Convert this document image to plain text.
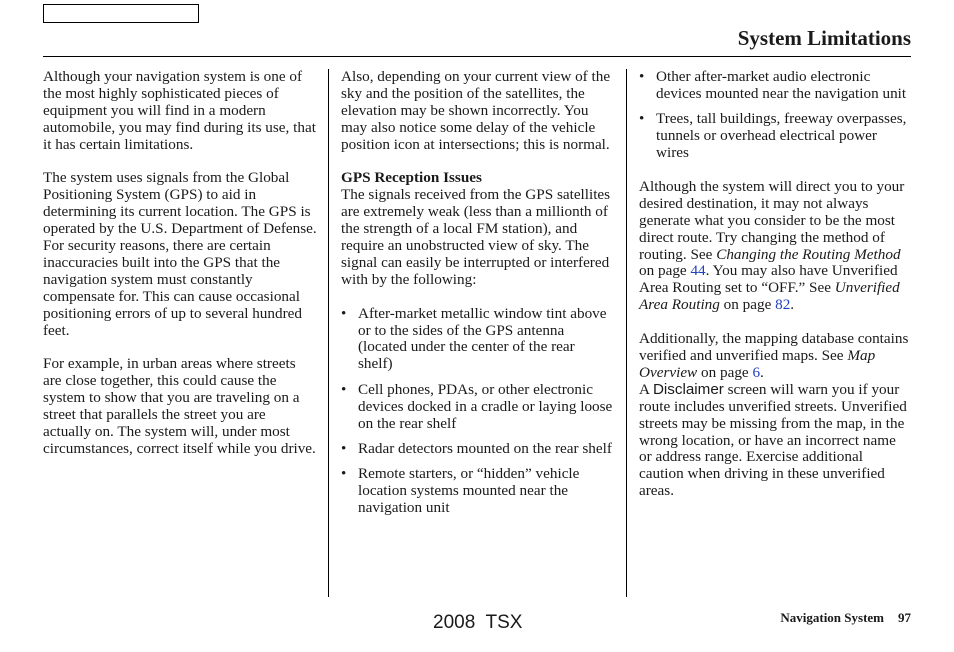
System Limitations

Although your navigation system is one of the most highly sophisticated pieces of equipment you will find in a modern automobile, you may find during its use, that it has certain limitations.

The system uses signals from the Global Positioning System (GPS) to aid in determining its current location. The GPS is operated by the U.S. Department of Defense. For security reasons, there are certain inaccuracies built into the GPS that the navigation system must constantly compensate for. This can cause occasional positioning errors of up to several hundred feet.

For example, in urban areas where streets are close together, this could cause the system to show that you are traveling on a street that parallels the street you are actually on. The system will, under most circumstances, correct itself while you drive.

Also, depending on your current view of the sky and the position of the satellites, the elevation may be shown incorrectly. You may also notice some delay of the vehicle position icon at intersections; this is normal.

GPS Reception Issues

The signals received from the GPS satellites are extremely weak (less than a millionth of the strength of a local FM station), and require an unobstructed view of sky. The signal can easily be interrupted or interfered with by the following:

• After-market metallic window tint above or to the sides of the GPS antenna (located under the center of the rear shelf)
• Cell phones, PDAs, or other electronic devices docked in a cradle or laying loose on the rear shelf
• Radar detectors mounted on the rear shelf
• Remote starters, or “hidden” vehicle location systems mounted near the navigation unit
• Other after-market audio electronic devices mounted near the navigation unit
• Trees, tall buildings, freeway overpasses, tunnels or overhead electrical power wires

Although the system will direct you to your desired destination, it may not always generate what you consider to be the most direct route. Try changing the method of routing. See Changing the Routing Method on page 44. You may also have Unverified Area Routing set to “OFF.” See Unverified Area Routing on page 82.

Additionally, the mapping database contains verified and unverified maps. See Map Overview on page 6.
A Disclaimer screen will warn you if your route includes unverified streets. Unverified streets may be missing from the map, in the wrong location, or have an incorrect name or address range. Exercise additional caution when driving in these unverified areas.

2008  TSX	Navigation System 97
